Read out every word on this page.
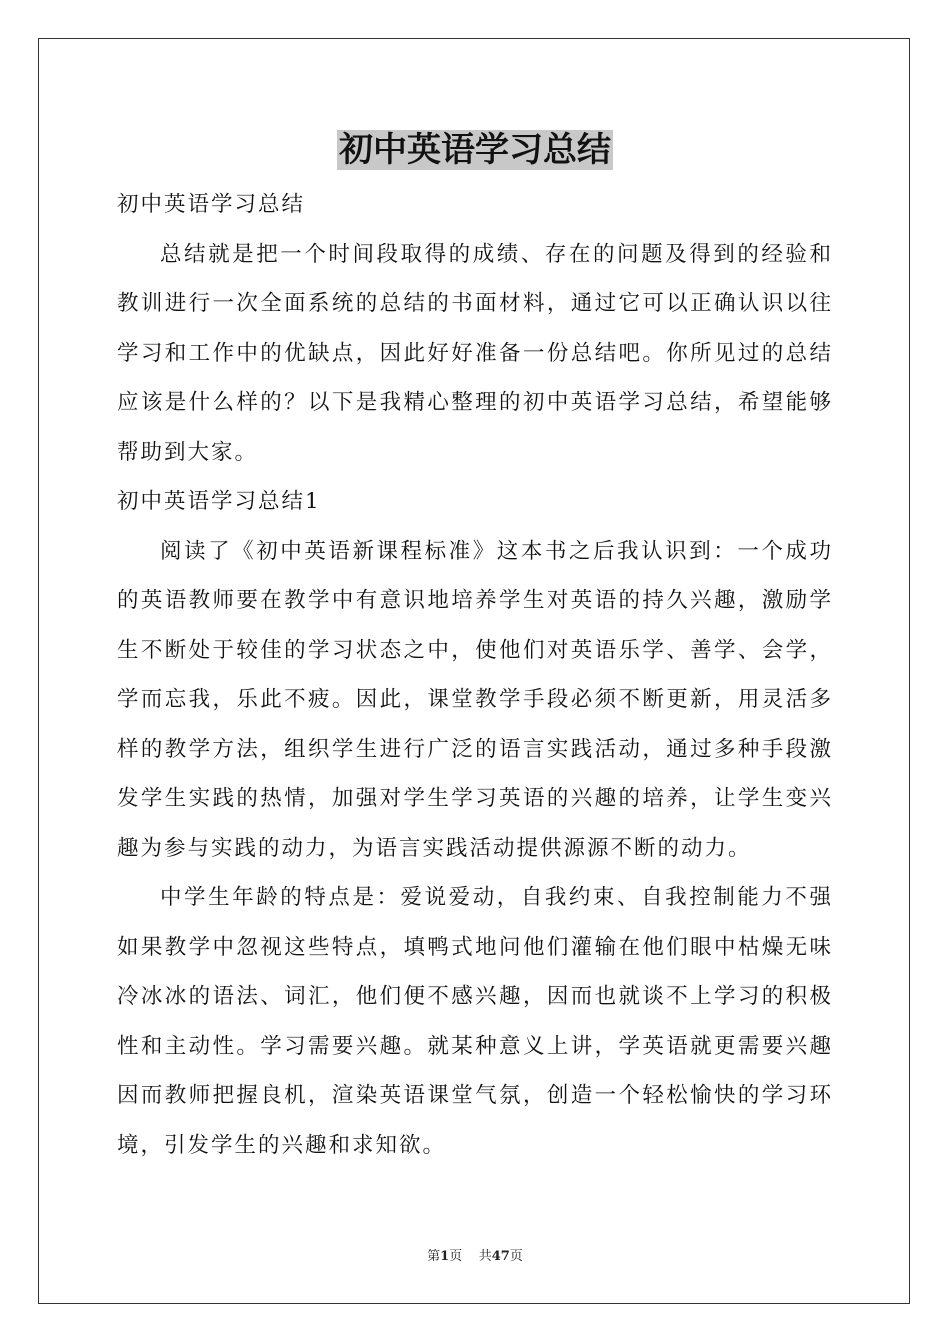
初中英语学习总结

初中英语学习总结

总结就是把一个时间段取得的成绩、存在的问题及得到的经验和教训进行一次全面系统的总结的书面材料，通过它可以正确认识以往学习和工作中的优缺点，因此好好准备一份总结吧。你所见过的总结应该是什么样的？以下是我精心整理的初中英语学习总结，希望能够帮助到大家。

初中英语学习总结1

阅读了《初中英语新课程标准》这本书之后我认识到：一个成功的英语教师要在教学中有意识地培养学生对英语的持久兴趣，激励学生不断处于较佳的学习状态之中，使他们对英语乐学、善学、会学，学而忘我，乐此不疲。因此，课堂教学手段必须不断更新，用灵活多样的教学方法，组织学生进行广泛的语言实践活动，通过多种手段激发学生实践的热情，加强对学生学习英语的兴趣的培养，让学生变兴趣为参与实践的动力，为语言实践活动提供源源不断的动力。

中学生年龄的特点是：爱说爱动，自我约束、自我控制能力不强如果教学中忽视这些特点，填鸭式地问他们灌输在他们眼中枯燥无味冷冰冰的语法、词汇，他们便不感兴趣，因而也就谈不上学习的积极性和主动性。学习需要兴趣。就某种意义上讲，学英语就更需要兴趣因而教师把握良机，渲染英语课堂气氛，创造一个轻松愉快的学习环境，引发学生的兴趣和求知欲。

第1页 共47页
